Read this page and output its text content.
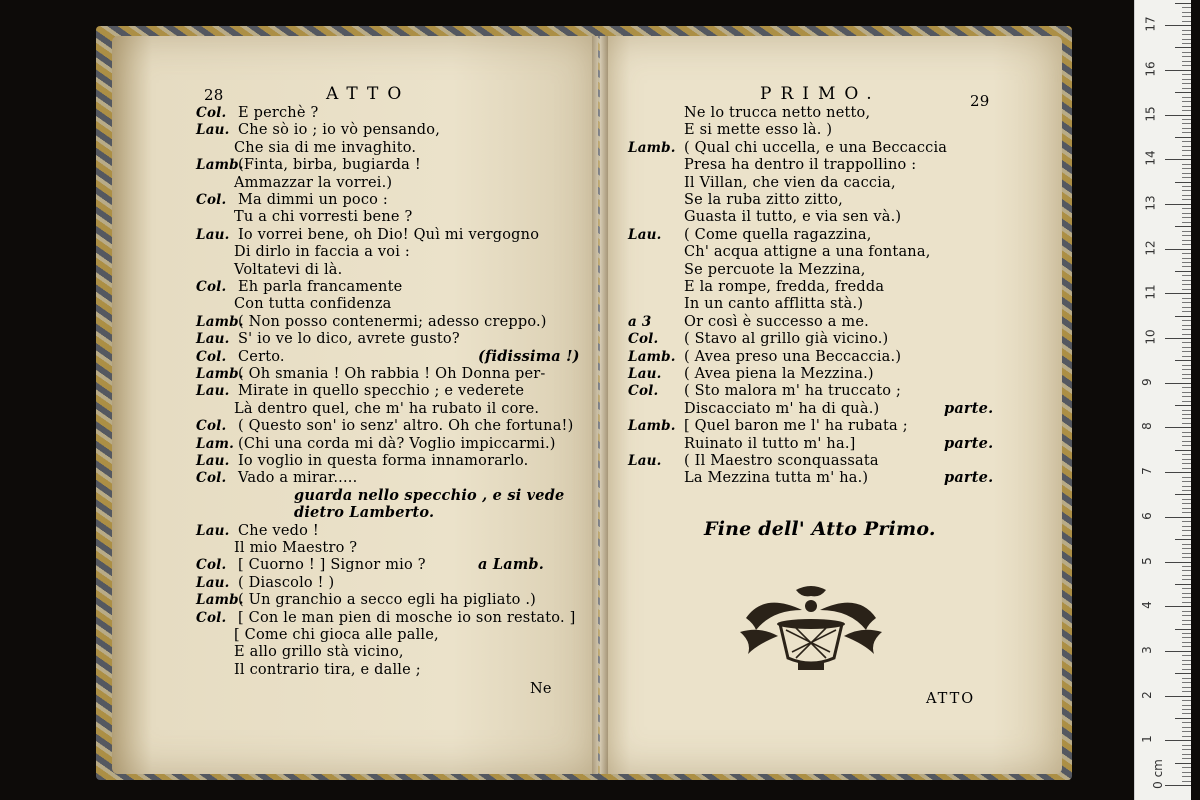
28	ATTO	PRIMO.	29
Col. E perchè ?
Lau. Che sò io ; io vò pensando,
Che sia di me invaghito.
Lamb.
(Finta, birba, bugiarda !
Ammazzar la vorrei.)
Col. Ma dimmi un poco :
Tu a chi vorresti bene ?
Lau. Io vorrei bene, oh Dio! Quì mi vergogno
Di dirlo in faccia a voi :
Voltatevi di là.
Col. Eh parla francamente
Con tutta confidenza
Lamb.
( Non posso contenermi; adesso creppo.)
Lau. S' io ve lo dico, avrete gusto?
Col. Certo.	(fidissima !)
Lamb.
( Oh smania ! Oh rabbia ! Oh Donna per-
Lau. Mirate in quello specchio ; e vederete
Là dentro quel, che m' ha rubato il core.
Col. ( Questo son' io senz' altro. Oh che fortuna!)
Lam. (Chi una corda mi dà? Voglio impiccarmi.)
Lau. Io voglio in questa forma innamorarlo.
Col. Vado a mirar.....
guarda nello specchio , e si vede
dietro Lamberto.
Lau. Che vedo !
Il mio Maestro ?
Col. [ Cuorno ! ] Signor mio ?	a Lamb.
Lau. ( Diascolo ! )
Lamb.
( Un granchio a secco egli ha pigliato .)
Col. [ Con le man pien di mosche io son restato. ]
[ Come chi gioca alle palle,
E allo grillo stà vicino,
Il contrario tira, e dalle ;
Ne lo trucca netto netto,
E si mette esso là. )
Lamb. ( Qual chi uccella, e una Beccaccia
Presa ha dentro il trappollino :
Il Villan, che vien da caccia,
Se la ruba zitto zitto,
Guasta il tutto, e via sen và.)
Lau. ( Come quella ragazzina,
Ch' acqua attigne a una fontana,
Se percuote la Mezzina,
E la rompe, fredda, fredda
In un canto afflitta stà.)
a 3 Or così è successo a me.
Col. ( Stavo al grillo già vicino.)
Lamb. ( Avea preso una Beccaccia.)
Lau. ( Avea piena la Mezzina.)
Col. ( Sto malora m' ha truccato ;
Discacciato m' ha di quà.)	parte.
Lamb. [ Quel baron me l' ha rubata ;
Ruinato il tutto m' ha.]	parte.
Lau. ( Il Maestro sconquassata
La Mezzina tutta m' ha.)	parte.
Ne
Fine dell' Atto Primo.
ATTO
17
16
15
14
13
12
11
10
9
8
7
6
5
4
3
2
1
0 cm
